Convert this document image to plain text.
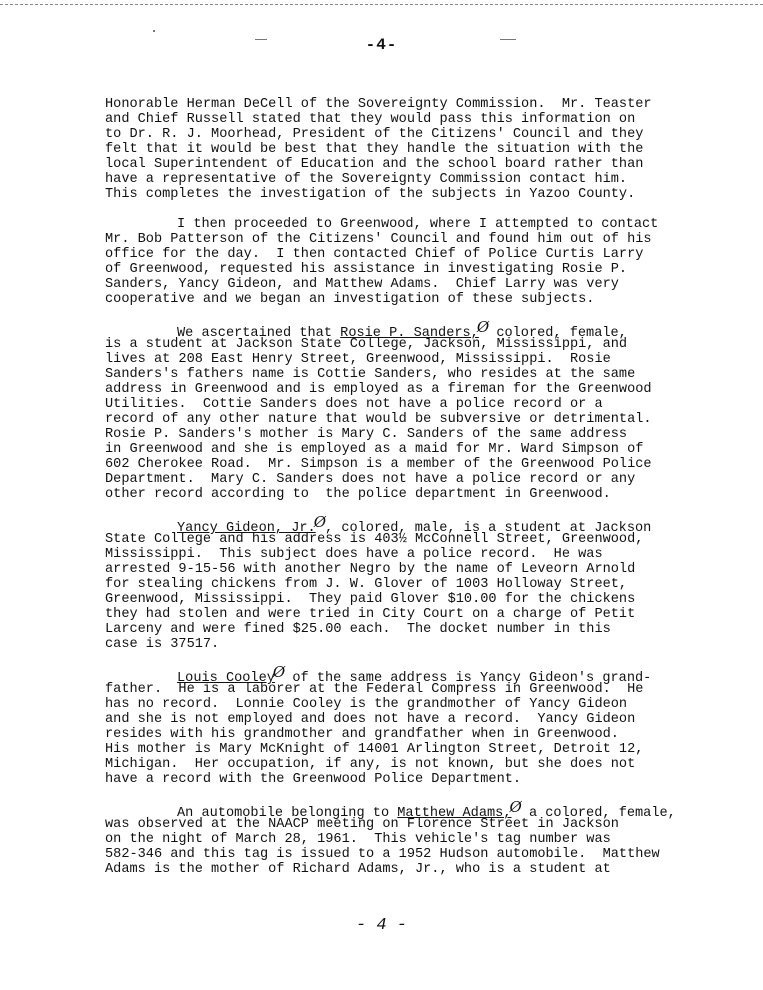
-4-
Honorable Herman DeCell of the Sovereignty Commission.  Mr. Teaster
and Chief Russell stated that they would pass this information on
to Dr. R. J. Moorhead, President of the Citizens' Council and they
felt that it would be best that they handle the situation with the
local Superintendent of Education and the school board rather than
have a representative of the Sovereignty Commission contact him.
This completes the investigation of the subjects in Yazoo County.
I then proceeded to Greenwood, where I attempted to contact
Mr. Bob Patterson of the Citizens' Council and found him out of his
office for the day.  I then contacted Chief of Police Curtis Larry
of Greenwood, requested his assistance in investigating Rosie P.
Sanders, Yancy Gideon, and Matthew Adams.  Chief Larry was very
cooperative and we began an investigation of these subjects.
We ascertained that Rosie P. Sanders,Ø colored, female,
is a student at Jackson State College, Jackson, Mississippi, and
lives at 208 East Henry Street, Greenwood, Mississippi.  Rosie
Sanders's fathers name is Cottie Sanders, who resides at the same
address in Greenwood and is employed as a fireman for the Greenwood
Utilities.  Cottie Sanders does not have a police record or a
record of any other nature that would be subversive or detrimental.
Rosie P. Sanders's mother is Mary C. Sanders of the same address
in Greenwood and she is employed as a maid for Mr. Ward Simpson of
602 Cherokee Road.  Mr. Simpson is a member of the Greenwood Police
Department.  Mary C. Sanders does not have a police record or any
other record according to  the police department in Greenwood.
Yancy Gideon, Jr.Ø, colored, male, is a student at Jackson
State College and his address is 403½ McConnell Street, Greenwood,
Mississippi.  This subject does have a police record.  He was
arrested 9-15-56 with another Negro by the name of Leveorn Arnold
for stealing chickens from J. W. Glover of 1003 Holloway Street,
Greenwood, Mississippi.  They paid Glover $10.00 for the chickens
they had stolen and were tried in City Court on a charge of Petit
Larceny and were fined $25.00 each.  The docket number in this
case is 37517.
Louis CooleyØ of the same address is Yancy Gideon's grand-
father.  He is a laborer at the Federal Compress in Greenwood.  He
has no record.  Lonnie Cooley is the grandmother of Yancy Gideon
and she is not employed and does not have a record.  Yancy Gideon
resides with his grandmother and grandfather when in Greenwood.
His mother is Mary McKnight of 14001 Arlington Street, Detroit 12,
Michigan.  Her occupation, if any, is not known, but she does not
have a record with the Greenwood Police Department.
An automobile belonging to Matthew Adams,Ø a colored, female,
was observed at the NAACP meeting on Florence Street in Jackson
on the night of March 28, 1961.  This vehicle's tag number was
582-346 and this tag is issued to a 1952 Hudson automobile.  Matthew
Adams is the mother of Richard Adams, Jr., who is a student at
- 4 -
